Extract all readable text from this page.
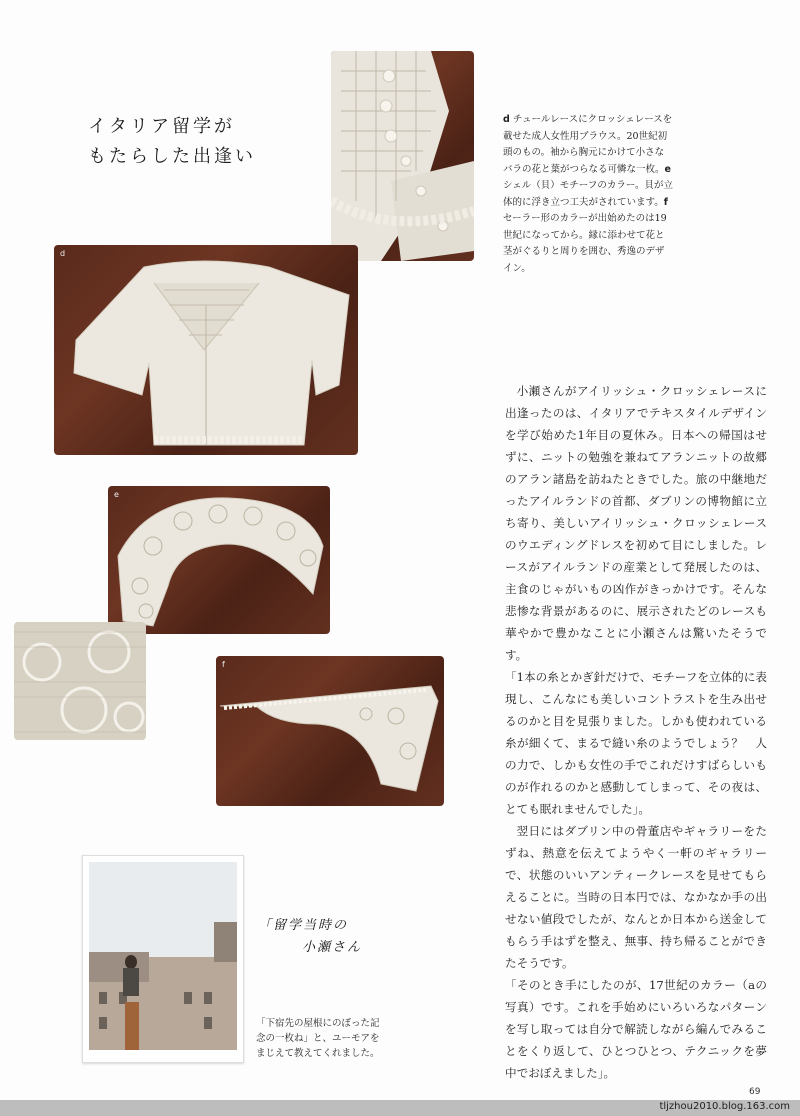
イタリア留学が
もたらした出逢い
d チュールレースにクロッシェレースを載せた成人女性用ブラウス。20世紀初頭のもの。袖から胸元にかけて小さなバラの花と葉がつらなる可憐な一枚。e シェル（貝）モチーフのカラー。貝が立体的に浮き立つ工夫がされています。f セーラー形のカラーが出始めたのは19世紀になってから。縁に添わせて花と茎がぐるりと周りを囲む、秀逸のデザイン。
d
e
f

小瀬さんがアイリッシュ・クロッシェレースに出逢ったのは、イタリアでテキスタイルデザインを学び始めた1年目の夏休み。日本への帰国はせずに、ニットの勉強を兼ねてアランニットの故郷のアラン諸島を訪ねたときでした。旅の中継地だったアイルランドの首都、ダブリンの博物館に立ち寄り、美しいアイリッシュ・クロッシェレースのウエディングドレスを初めて目にしました。レースがアイルランドの産業として発展したのは、主食のじゃがいもの凶作がきっかけです。そんな悲惨な背景があるのに、展示されたどのレースも華やかで豊かなことに小瀬さんは驚いたそうです。

「1本の糸とかぎ針だけで、モチーフを立体的に表現し、こんなにも美しいコントラストを生み出せるのかと目を見張りました。しかも使われている糸が細くて、まるで縫い糸のようでしょう？　人の力で、しかも女性の手でこれだけすばらしいものが作れるのかと感動してしまって、その夜は、とても眠れませんでした」。

翌日にはダブリン中の骨董店やギャラリーをたずね、熱意を伝えてようやく一軒のギャラリーで、状態のいいアンティークレースを見せてもらえることに。当時の日本円では、なかなか手の出せない値段でしたが、なんとか日本から送金してもらう手はずを整え、無事、持ち帰ることができたそうです。

「そのとき手にしたのが、17世紀のカラー（aの写真）です。これを手始めにいろいろなパターンを写し取っては自分で解読しながら編んでみることをくり返して、ひとつひとつ、テクニックを夢中でおぼえました」。

「留学当時の
小瀬さん
「下宿先の屋根にのぼった記念の一枚ね」と、ユーモアをまじえて教えてくれました。
69
tljzhou2010.blog.163.com
